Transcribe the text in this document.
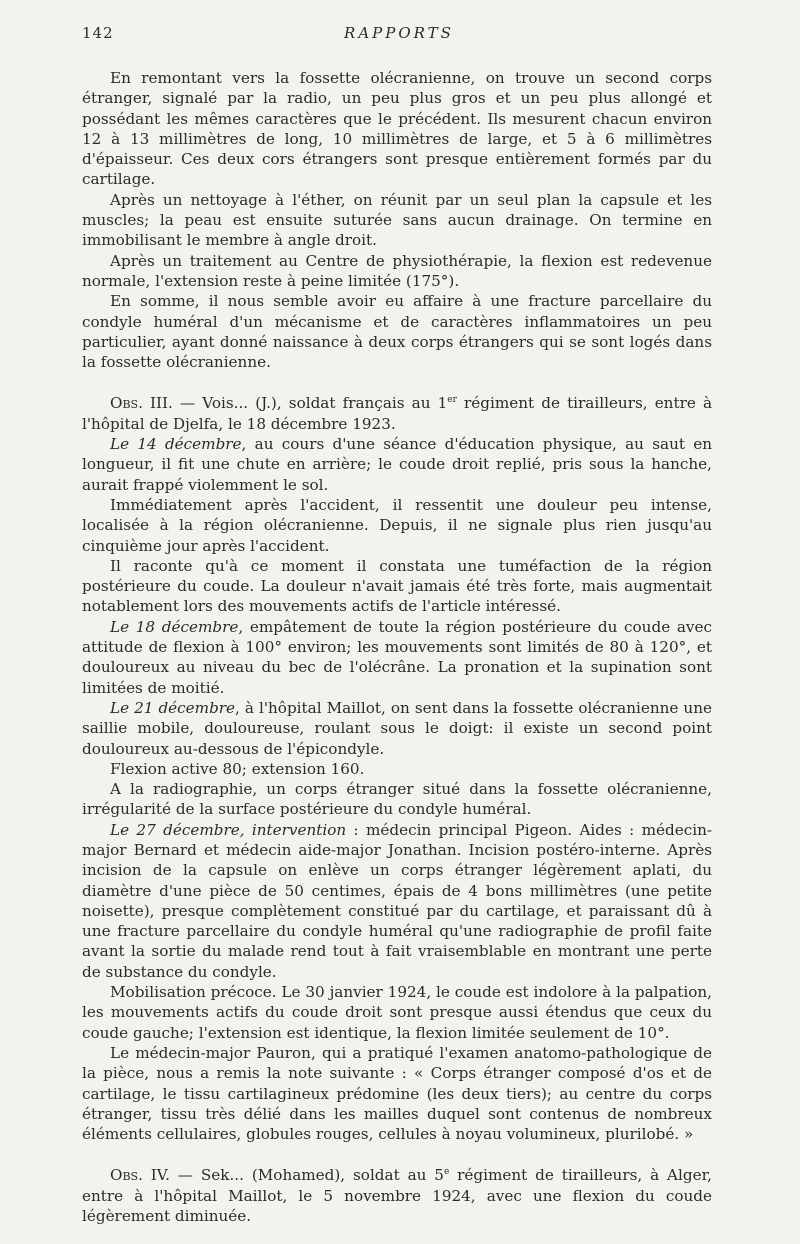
142	RAPPORTS

En remontant vers la fossette olécranienne, on trouve un second corps étranger, signalé par la radio, un peu plus gros et un peu plus allongé et possédant les mêmes caractères que le précédent. Ils mesurent chacun environ 12 à 13 millimètres de long, 10 millimètres de large, et 5 à 6 millimètres d'épaisseur. Ces deux cors étrangers sont presque entièrement formés par du cartilage.

Après un nettoyage à l'éther, on réunit par un seul plan la capsule et les muscles; la peau est ensuite suturée sans aucun drainage. On termine en immobilisant le membre à angle droit.

Après un traitement au Centre de physiothérapie, la flexion est redevenue normale, l'extension reste à peine limitée (175°).

En somme, il nous semble avoir eu affaire à une fracture parcellaire du condyle huméral d'un mécanisme et de caractères inflammatoires un peu particulier, ayant donné naissance à deux corps étrangers qui se sont logés dans la fossette olécranienne.

Obs. III. — Vois... (J.), soldat français au 1er régiment de tirailleurs, entre à l'hôpital de Djelfa, le 18 décembre 1923.

Le 14 décembre, au cours d'une séance d'éducation physique, au saut en longueur, il fit une chute en arrière; le coude droit replié, pris sous la hanche, aurait frappé violemment le sol.

Immédiatement après l'accident, il ressentit une douleur peu intense, localisée à la région olécranienne. Depuis, il ne signale plus rien jusqu'au cinquième jour après l'accident.

Il raconte qu'à ce moment il constata une tuméfaction de la région postérieure du coude. La douleur n'avait jamais été très forte, mais augmentait notablement lors des mouvements actifs de l'article intéressé.

Le 18 décembre, empâtement de toute la région postérieure du coude avec attitude de flexion à 100° environ; les mouvements sont limités de 80 à 120°, et douloureux au niveau du bec de l'olécrâne. La pronation et la supination sont limitées de moitié.

Le 21 décembre, à l'hôpital Maillot, on sent dans la fossette olécranienne une saillie mobile, douloureuse, roulant sous le doigt: il existe un second point douloureux au-dessous de l'épicondyle.

Flexion active 80; extension 160.

A la radiographie, un corps étranger situé dans la fossette olécranienne, irrégularité de la surface postérieure du condyle huméral.

Le 27 décembre, intervention : médecin principal Pigeon. Aides : médecin-major Bernard et médecin aide-major Jonathan. Incision postéro-interne. Après incision de la capsule on enlève un corps étranger légèrement aplati, du diamètre d'une pièce de 50 centimes, épais de 4 bons millimètres (une petite noisette), presque complètement constitué par du cartilage, et paraissant dû à une fracture parcellaire du condyle huméral qu'une radiographie de profil faite avant la sortie du malade rend tout à fait vraisemblable en montrant une perte de substance du condyle.

Mobilisation précoce. Le 30 janvier 1924, le coude est indolore à la palpation, les mouvements actifs du coude droit sont presque aussi étendus que ceux du coude gauche; l'extension est identique, la flexion limitée seulement de 10°.

Le médecin-major Pauron, qui a pratiqué l'examen anatomo-pathologique de la pièce, nous a remis la note suivante : « Corps étranger composé d'os et de cartilage, le tissu cartilagineux prédomine (les deux tiers); au centre du corps étranger, tissu très délié dans les mailles duquel sont contenus de nombreux éléments cellulaires, globules rouges, cellules à noyau volumineux, plurilobé. »

Obs. IV. — Sek... (Mohamed), soldat au 5e régiment de tirailleurs, à Alger, entre à l'hôpital Maillot, le 5 novembre 1924, avec une flexion du coude légèrement diminuée.
